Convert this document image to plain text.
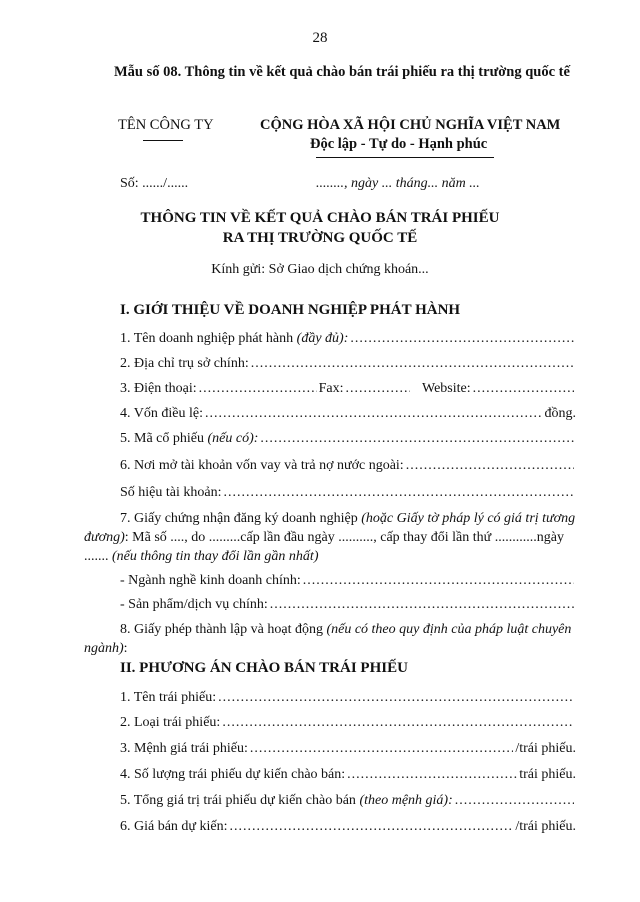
28
Mẫu số 08. Thông tin về kết quả chào bán trái phiếu ra thị trường quốc tế
TÊN CÔNG TY	CỘNG HÒA XÃ HỘI CHỦ NGHĨA VIỆT NAM
Độc lập - Tự do - Hạnh phúc
Số: ....../......	........, ngày ... tháng... năm ...
THÔNG TIN VỀ KẾT QUẢ CHÀO BÁN TRÁI PHIẾU
RA THỊ TRƯỜNG QUỐC TẾ
Kính gửi: Sở Giao dịch chứng khoán...
I. GIỚI THIỆU VỀ DOANH NGHIỆP PHÁT HÀNH
1. Tên doanh nghiệp phát hành
(đầy đủ):
.....
2. Địa chỉ trụ sở chính:
.....
3. Điện thoại: .....	Fax: .....
	Website:
.....
4. Vốn điều lệ: .....	đồng.
5. Mã cổ phiếu
(nếu có):
.....
6. Nơi mở tài khoản vốn vay và trả nợ nước ngoài:
.....
Số hiệu tài khoản:
.....
7. Giấy chứng nhận đăng ký doanh nghiệp (hoặc Giấy tờ pháp lý có giá trị tương đương): Mã số ...., do .........cấp lần đầu ngày .........., cấp thay đổi lần thứ ............ngày ....... (nếu thông tin thay đổi lần gần nhất)
- Ngành nghề kinh doanh chính:
.....
- Sản phẩm/dịch vụ chính:
.....
8. Giấy phép thành lập và hoạt động (nếu có theo quy định của pháp luật chuyên ngành):
II. PHƯƠNG ÁN CHÀO BÁN TRÁI PHIẾU
1. Tên trái phiếu:
.....
2. Loại trái phiếu:
.....
3. Mệnh giá trái phiếu: .....	/trái phiếu.
4. Số lượng trái phiếu dự kiến chào bán: .....	trái phiếu.
5. Tổng giá trị trái phiếu dự kiến chào bán
(theo mệnh giá):
.....
6. Giá bán dự kiến: .....	/trái phiếu.
